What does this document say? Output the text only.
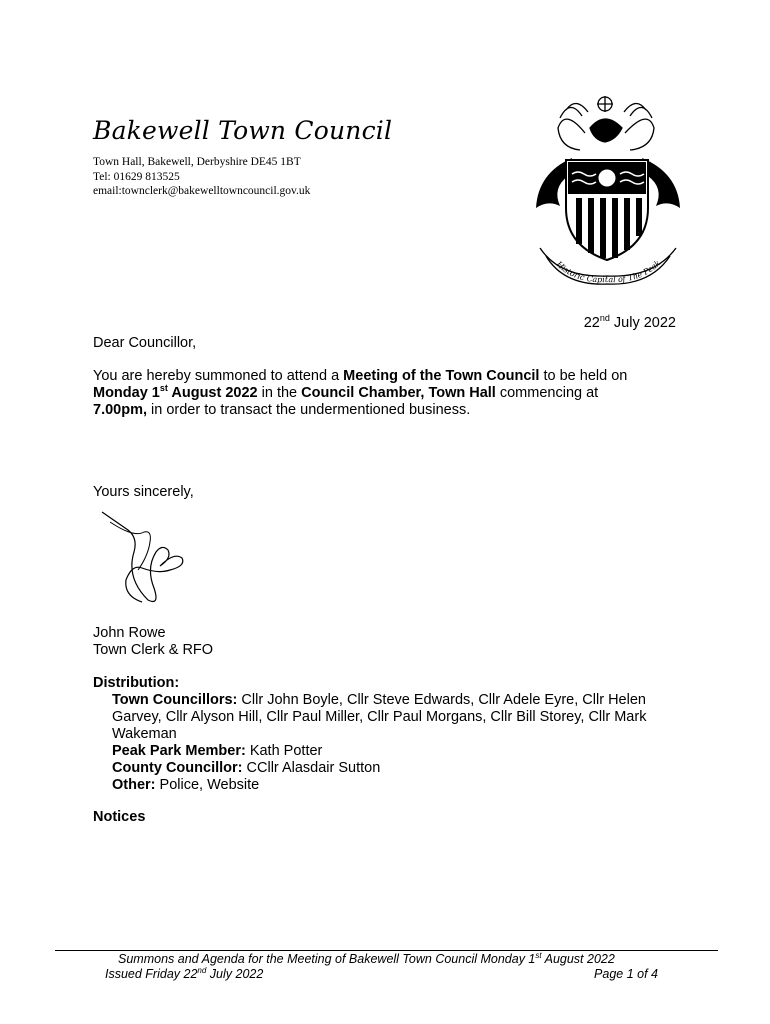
Bakewell Town Council
Town Hall, Bakewell, Derbyshire DE45 1BT
Tel: 01629 813525
email:townclerk@bakewelltowncouncil.gov.uk
Historic Capital of The Peak
22nd July 2022
Dear Councillor,
You are hereby summoned to attend a Meeting of the Town Council to be held on
Monday 1st August 2022 in the Council Chamber, Town Hall commencing at
7.00pm, in order to transact the undermentioned business.
Yours sincerely,
John Rowe
Town Clerk & RFO
Distribution:
Town Councillors: Cllr John Boyle, Cllr Steve Edwards, Cllr Adele Eyre, Cllr Helen Garvey, Cllr Alyson Hill, Cllr Paul Miller, Cllr Paul Morgans, Cllr Bill Storey, Cllr Mark Wakeman
Peak Park Member: Kath Potter
County Councillor: CCllr Alasdair Sutton
Other: Police, Website
Notices
Summons and Agenda for the Meeting of Bakewell Town Council Monday 1st August 2022
Issued Friday 22nd July 2022	Page 1 of 4
